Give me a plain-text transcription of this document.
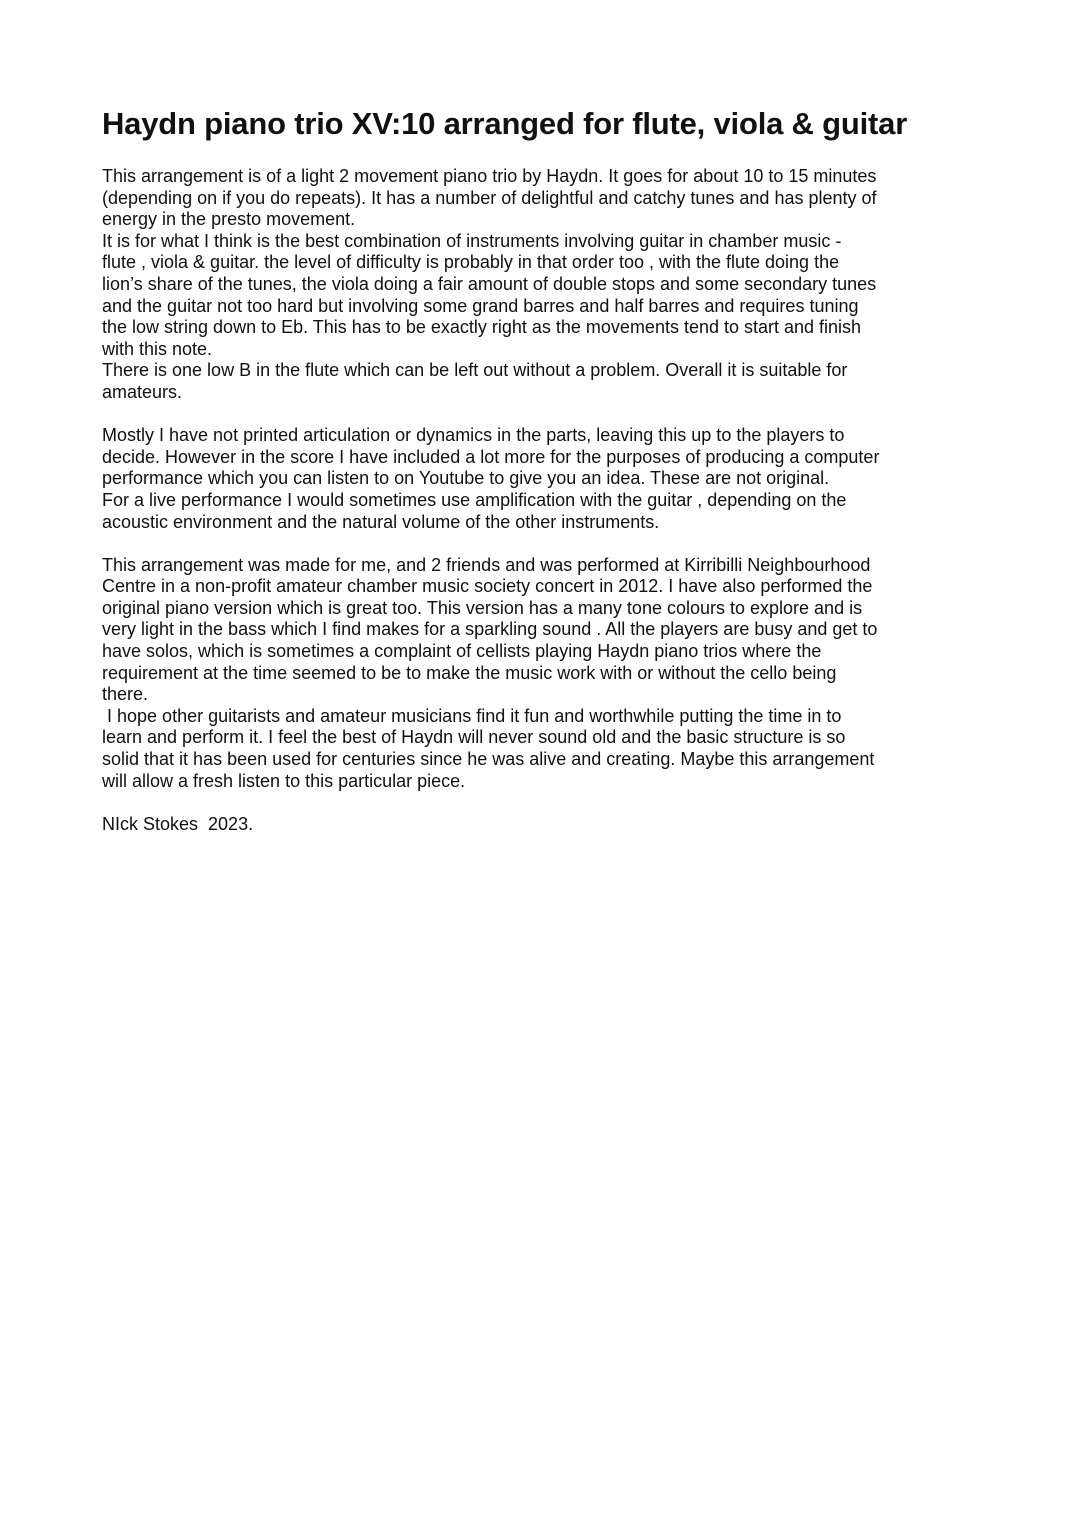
Haydn piano trio XV:10 arranged for flute, viola & guitar
This arrangement is of a light 2 movement piano trio by Haydn. It goes for about 10 to 15 minutes
(depending on if you do repeats). It has a number of delightful and catchy tunes and has plenty of
energy in the presto movement.
It is for what I think is the best combination of instruments involving guitar in chamber music -
flute , viola & guitar. the level of difficulty is probably in that order too , with the flute doing the
lion’s share of the tunes, the viola doing a fair amount of double stops and some secondary tunes
and the guitar not too hard but involving some grand barres and half barres and requires tuning
the low string down to Eb. This has to be exactly right as the movements tend to start and finish
with this note.
There is one low B in the flute which can be left out without a problem. Overall it is suitable for
amateurs.

Mostly I have not printed articulation or dynamics in the parts, leaving this up to the players to
decide. However in the score I have included a lot more for the purposes of producing a computer
performance which you can listen to on Youtube to give you an idea. These are not original.
For a live performance I would sometimes use amplification with the guitar , depending on the
acoustic environment and the natural volume of the other instruments.

This arrangement was made for me, and 2 friends and was performed at Kirribilli Neighbourhood
Centre in a non-profit amateur chamber music society concert in 2012. I have also performed the
original piano version which is great too. This version has a many tone colours to explore and is
very light in the bass which I find makes for a sparkling sound . All the players are busy and get to
have solos, which is sometimes a complaint of cellists playing Haydn piano trios where the
requirement at the time seemed to be to make the music work with or without the cello being
there.
I hope other guitarists and amateur musicians find it fun and worthwhile putting the time in to
learn and perform it. I feel the best of Haydn will never sound old and the basic structure is so
solid that it has been used for centuries since he was alive and creating. Maybe this arrangement
will allow a fresh listen to this particular piece.
NIck Stokes  2023.
